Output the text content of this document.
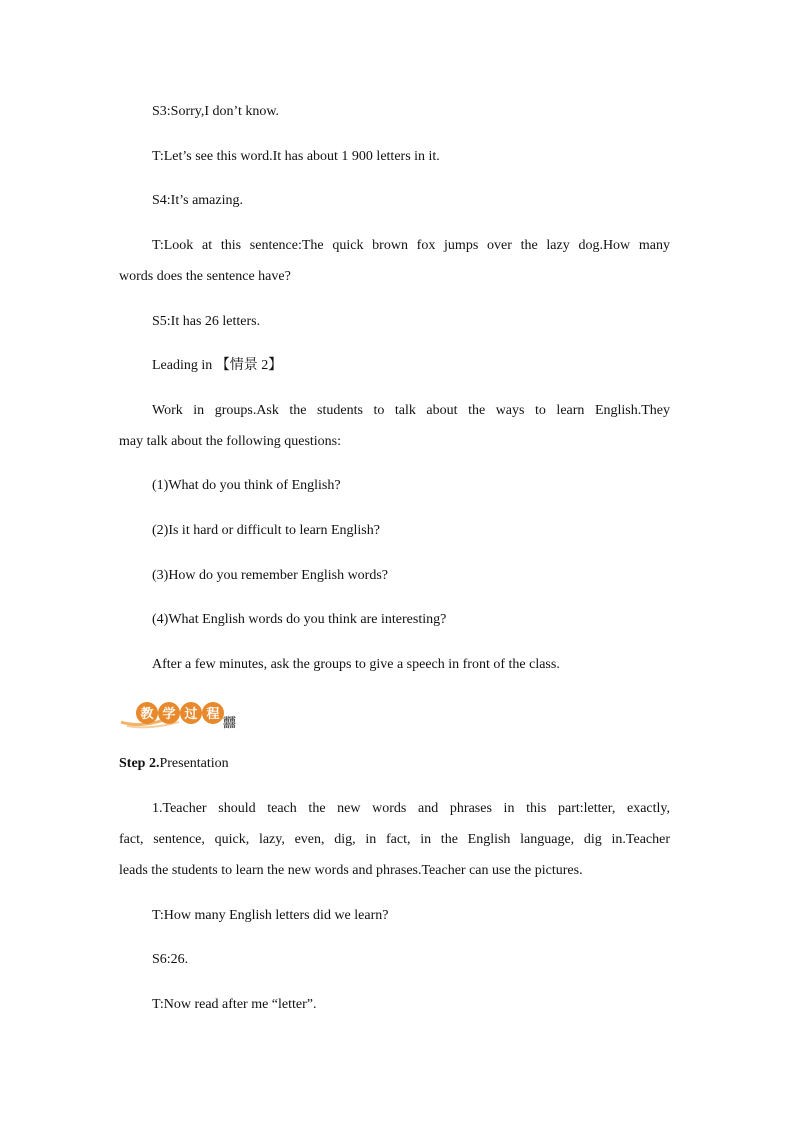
S3:Sorry,I don’t know.
T:Let’s see this word.It has about 1 900 letters in it.
S4:It’s amazing.
T:Look at this sentence:The quick brown fox jumps over the lazy dog.How many
words does the sentence have?
S5:It has 26 letters.
Leading in 【情景 2】
Work in groups.Ask the students to talk about the ways to learn English.They
may talk about the following questions:
(1)What do you think of English?
(2)Is it hard or difficult to learn English?
(3)How do you remember English words?
(4)What English words do you think are interesting?
After a few minutes, ask the groups to give a speech in front of the class.
教 学 过 程
䨻
Step 2.Presentation
1.Teacher should teach the new words and phrases in this part:letter, exactly,
fact, sentence, quick, lazy, even, dig, in fact, in the English language, dig in.Teacher
leads the students to learn the new words and phrases.Teacher can use the pictures.
T:How many English letters did we learn?
S6:26.
T:Now read after me “letter”.
